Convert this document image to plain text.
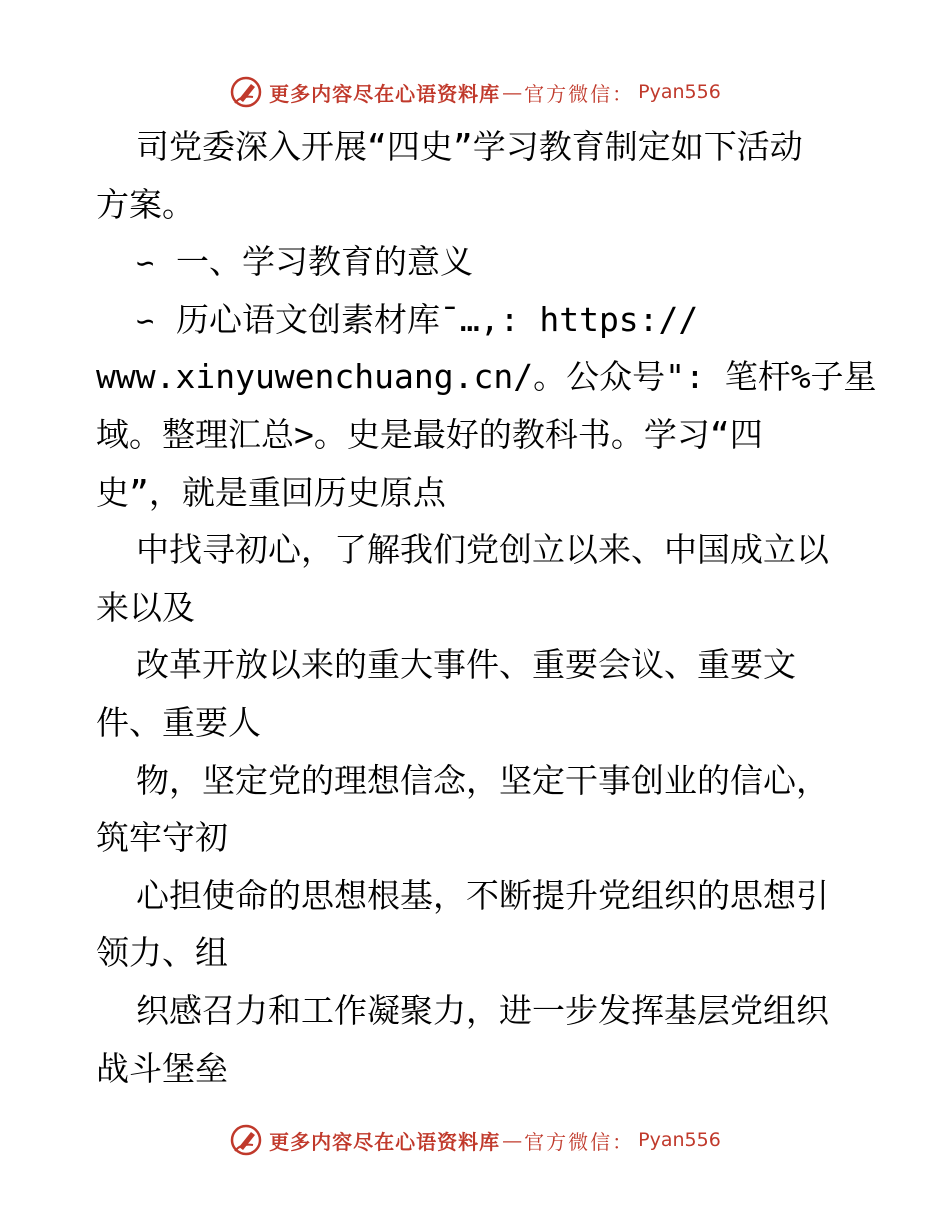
更多内容尽在心语资料库 — 官方微信： Pyan556
司党委深入开展“四史”学习教育制定如下活动
方案。
∽ 一、学习教育的意义
∽ 历心语文创素材库¯…,: https://
www.xinyuwenchuang.cn/。公众号": 笔杆%子星
域。整理汇总>。史是最好的教科书。学习“四
史”，就是重回历史原点
中找寻初心，了解我们党创立以来、中国成立以
来以及
改革开放以来的重大事件、重要会议、重要文
件、重要人
物，坚定党的理想信念，坚定干事创业的信心，
筑牢守初
心担使命的思想根基，不断提升党组织的思想引
领力、组
织感召力和工作凝聚力，进一步发挥基层党组织
战斗堡垒
更多内容尽在心语资料库 — 官方微信： Pyan556
